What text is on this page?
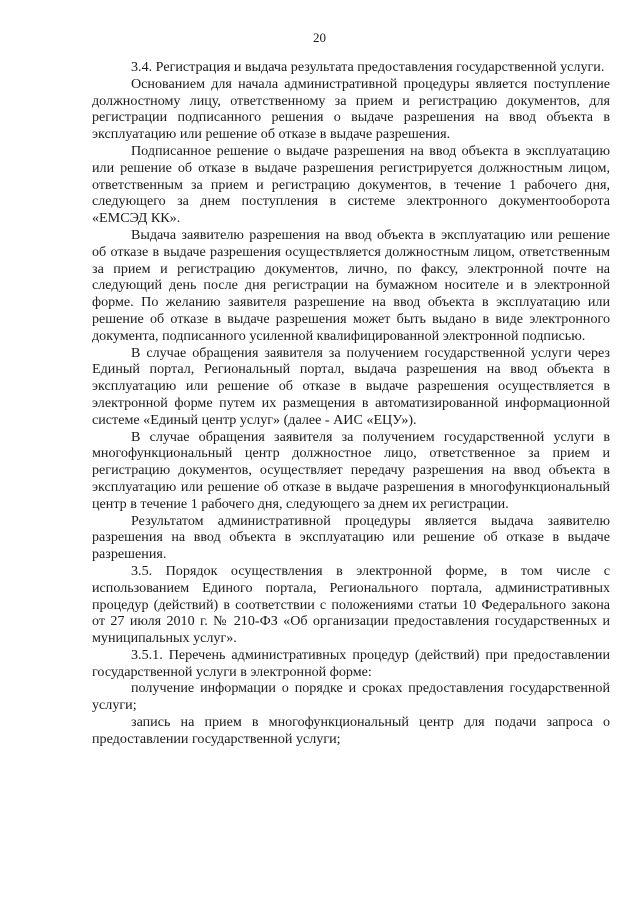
20

3.4. Регистрация и выдача результата предоставления государственной услуги.

Основанием для начала административной процедуры является поступление должностному лицу, ответственному за прием и регистрацию документов, для регистрации подписанного решения о выдаче разрешения на ввод объекта в эксплуатацию или решение об отказе в выдаче разрешения.

Подписанное решение о выдаче разрешения на ввод объекта в эксплуатацию или решение об отказе в выдаче разрешения регистрируется должностным лицом, ответственным за прием и регистрацию документов, в течение 1 рабочего дня, следующего за днем поступления в системе электронного документооборота «ЕМСЭД КК».

Выдача заявителю разрешения на ввод объекта в эксплуатацию или решение об отказе в выдаче разрешения осуществляется должностным лицом, ответственным за прием и регистрацию документов, лично, по факсу, электронной почте на следующий день после дня регистрации на бумажном носителе и в электронной форме. По желанию заявителя разрешение на ввод объекта в эксплуатацию или решение об отказе в выдаче разрешения может быть выдано в виде электронного документа, подписанного усиленной квалифицированной электронной подписью.

В случае обращения заявителя за получением государственной услуги через Единый портал, Региональный портал, выдача разрешения на ввод объекта в эксплуатацию или решение об отказе в выдаче разрешения осуществляется в электронной форме путем их размещения в автоматизированной информационной системе «Единый центр услуг» (далее - АИС «ЕЦУ»).

В случае обращения заявителя за получением государственной услуги в многофункциональный центр должностное лицо, ответственное за прием и регистрацию документов, осуществляет передачу разрешения на ввод объекта в эксплуатацию или решение об отказе в выдаче разрешения в многофункциональный центр в течение 1 рабочего дня, следующего за днем их регистрации.

Результатом административной процедуры является выдача заявителю разрешения на ввод объекта в эксплуатацию или решение об отказе в выдаче разрешения.

3.5. Порядок осуществления в электронной форме, в том числе с использованием Единого портала, Регионального портала, административных процедур (действий) в соответствии с положениями статьи 10 Федерального закона от 27 июля 2010 г. № 210-ФЗ «Об организации предоставления государственных и муниципальных услуг».

3.5.1. Перечень административных процедур (действий) при предоставлении государственной услуги в электронной форме:

получение информации о порядке и сроках предоставления государственной услуги;

запись на прием в многофункциональный центр для подачи запроса о предоставлении государственной услуги;
